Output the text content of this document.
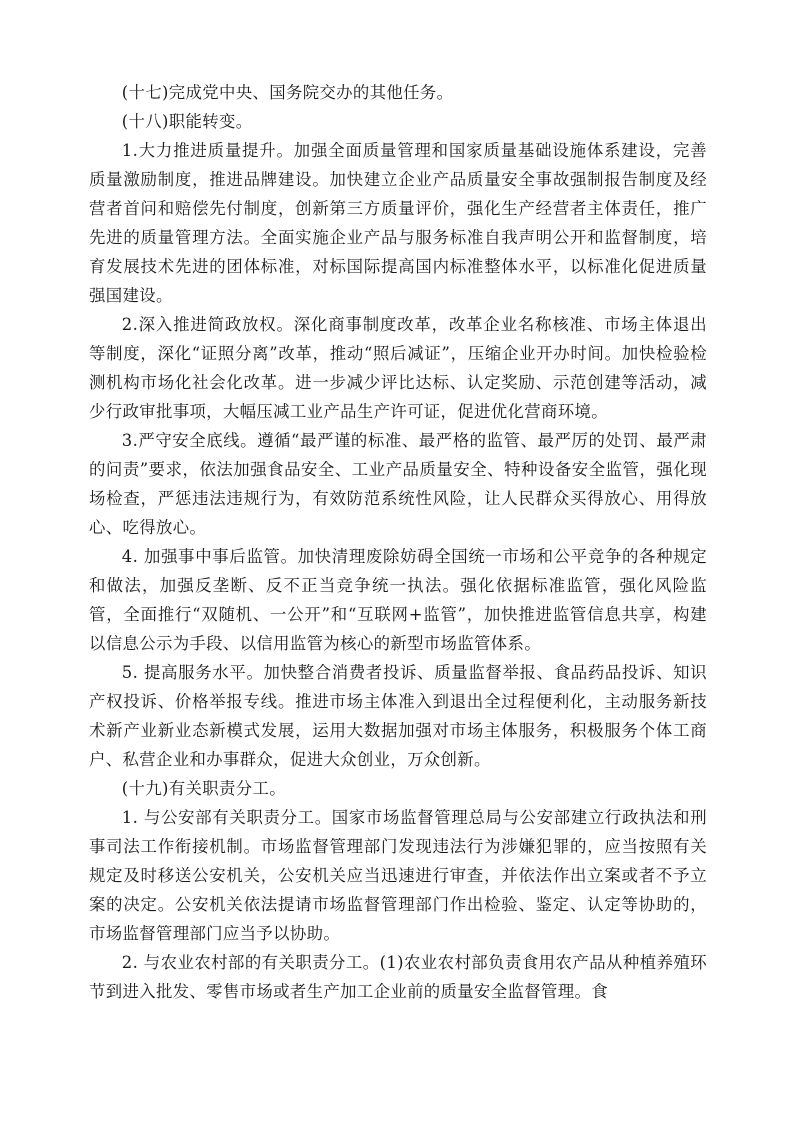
(十七)完成党中央、国务院交办的其他任务。

(十八)职能转变。

1.大力推进质量提升。加强全面质量管理和国家质量基础设施体系建设，完善质量激励制度，推进品牌建设。加快建立企业产品质量安全事故强制报告制度及经营者首问和赔偿先付制度，创新第三方质量评价，强化生产经营者主体责任，推广先进的质量管理方法。全面实施企业产品与服务标准自我声明公开和监督制度，培育发展技术先进的团体标准，对标国际提高国内标准整体水平，以标准化促进质量强国建设。

2.深入推进简政放权。深化商事制度改革，改革企业名称核准、市场主体退出等制度，深化“证照分离”改革，推动“照后减证”，压缩企业开办时间。加快检验检测机构市场化社会化改革。进一步减少评比达标、认定奖励、示范创建等活动，减少行政审批事项，大幅压减工业产品生产许可证，促进优化营商环境。

3.严守安全底线。遵循“最严谨的标准、最严格的监管、最严厉的处罚、最严肃的问责”要求，依法加强食品安全、工业产品质量安全、特种设备安全监管，强化现场检查，严惩违法违规行为，有效防范系统性风险，让人民群众买得放心、用得放心、吃得放心。

4. 加强事中事后监管。加快清理废除妨碍全国统一市场和公平竞争的各种规定和做法，加强反垄断、反不正当竞争统一执法。强化依据标准监管，强化风险监管，全面推行“双随机、一公开”和“互联网+监管”，加快推进监管信息共享，构建以信息公示为手段、以信用监管为核心的新型市场监管体系。

5. 提高服务水平。加快整合消费者投诉、质量监督举报、食品药品投诉、知识产权投诉、价格举报专线。推进市场主体准入到退出全过程便利化，主动服务新技术新产业新业态新模式发展，运用大数据加强对市场主体服务，积极服务个体工商户、私营企业和办事群众，促进大众创业，万众创新。

(十九)有关职责分工。

1. 与公安部有关职责分工。国家市场监督管理总局与公安部建立行政执法和刑事司法工作衔接机制。市场监督管理部门发现违法行为涉嫌犯罪的，应当按照有关规定及时移送公安机关，公安机关应当迅速进行审查，并依法作出立案或者不予立案的决定。公安机关依法提请市场监督管理部门作出检验、鉴定、认定等协助的，市场监督管理部门应当予以协助。

2. 与农业农村部的有关职责分工。(1)农业农村部负责食用农产品从种植养殖环节到进入批发、零售市场或者生产加工企业前的质量安全监督管理。食
